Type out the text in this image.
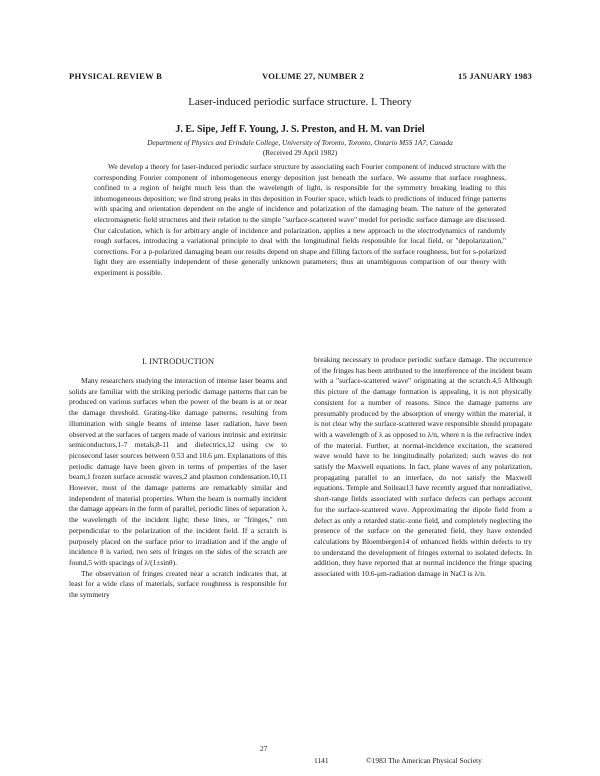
PHYSICAL REVIEW B	VOLUME 27, NUMBER 2	15 JANUARY 1983
Laser-induced periodic surface structure. I. Theory
J. E. Sipe, Jeff F. Young, J. S. Preston, and H. M. van Driel
Department of Physics and Erindale College, University of Toronto, Toronto, Ontario M5S 1A7, Canada
(Received 29 April 1982)

We develop a theory for laser-induced periodic surface structure by associating each Fourier component of induced structure with the corresponding Fourier component of inhomogeneous energy deposition just beneath the surface. We assume that surface roughness, confined to a region of height much less than the wavelength of light, is responsible for the symmetry breaking leading to this inhomogeneous deposition; we find strong peaks in this deposition in Fourier space, which leads to predictions of induced fringe patterns with spacing and orientation dependent on the angle of incidence and polarization of the damaging beam. The nature of the generated electromagnetic field structures and their relation to the simple "surface-scattered wave" model for periodic surface damage are discussed. Our calculation, which is for arbitrary angle of incidence and polarization, applies a new approach to the electrodynamics of randomly rough surfaces, introducing a variational principle to deal with the longitudinal fields responsible for local field, or "depolarization," corrections. For a p-polarized damaging beam our results depend on shape and filling factors of the surface roughness, but for s-polarized light they are essentially independent of these generally unknown parameters; thus an unambiguous comparison of our theory with experiment is possible.

I. INTRODUCTION

Many researchers studying the interaction of intense laser beams and solids are familiar with the striking periodic damage patterns that can be produced on various surfaces when the power of the beam is at or near the damage threshold. Grating-like damage patterns, resulting from illumination with single beams of intense laser radiation, have been observed at the surfaces of targets made of various intrinsic and extrinsic semiconductors,1-7 metals,8-11 and dielectrics,12 using cw to picosecond laser sources between 0.53 and 10.6 μm. Explanations of this periodic damage have been given in terms of properties of the laser beam,1 frozen surface acoustic waves,2 and plasmon condensation.10,11 However, most of the damage patterns are remarkably similar and independent of material properties. When the beam is normally incident the damage appears in the form of parallel, periodic lines of separation λ, the wavelength of the incident light; these lines, or "fringes," run perpendicular to the polarization of the incident field. If a scratch is purposely placed on the surface prior to irradiation and if the angle of incidence θ is varied, two sets of fringes on the sides of the scratch are found,5 with spacings of λ/(1±sinθ).

The observation of fringes created near a scratch indicates that, at least for a wide class of materials, surface roughness is responsible for the symmetry

breaking necessary to produce periodic surface damage. The occurrence of the fringes has been attributed to the interference of the incident beam with a "surface-scattered wave" originating at the scratch.4,5 Although this picture of the damage formation is appealing, it is not physically consistent for a number of reasons. Since the damage patterns are presumably produced by the absorption of energy within the material, it is not clear why the surface-scattered wave responsible should propagate with a wavelength of λ as opposed to λ/n, where n is the refractive index of the material. Further, at normal-incidence excitation, the scattered wave would have to be longitudinally polarized; such waves do not satisfy the Maxwell equations. In fact, plane waves of any polarization, propagating parallel to an interface, do not satisfy the Maxwell equations. Temple and Soileau13 have recently argued that nonradiative, short-range fields associated with surface defects can perhaps account for the surface-scattered wave. Approximating the dipole field from a defect as only a retarded static-zone field, and completely neglecting the presence of the surface on the generated field, they have extended calculations by Bloembergen14 of enhanced fields within defects to try to understand the development of fringes external to isolated defects. In addition, they have reported that at normal incidence the fringe spacing associated with 10.6-μm-radiation damage in NaCl is λ/n.

27
1141	©1983 The American Physical Society
